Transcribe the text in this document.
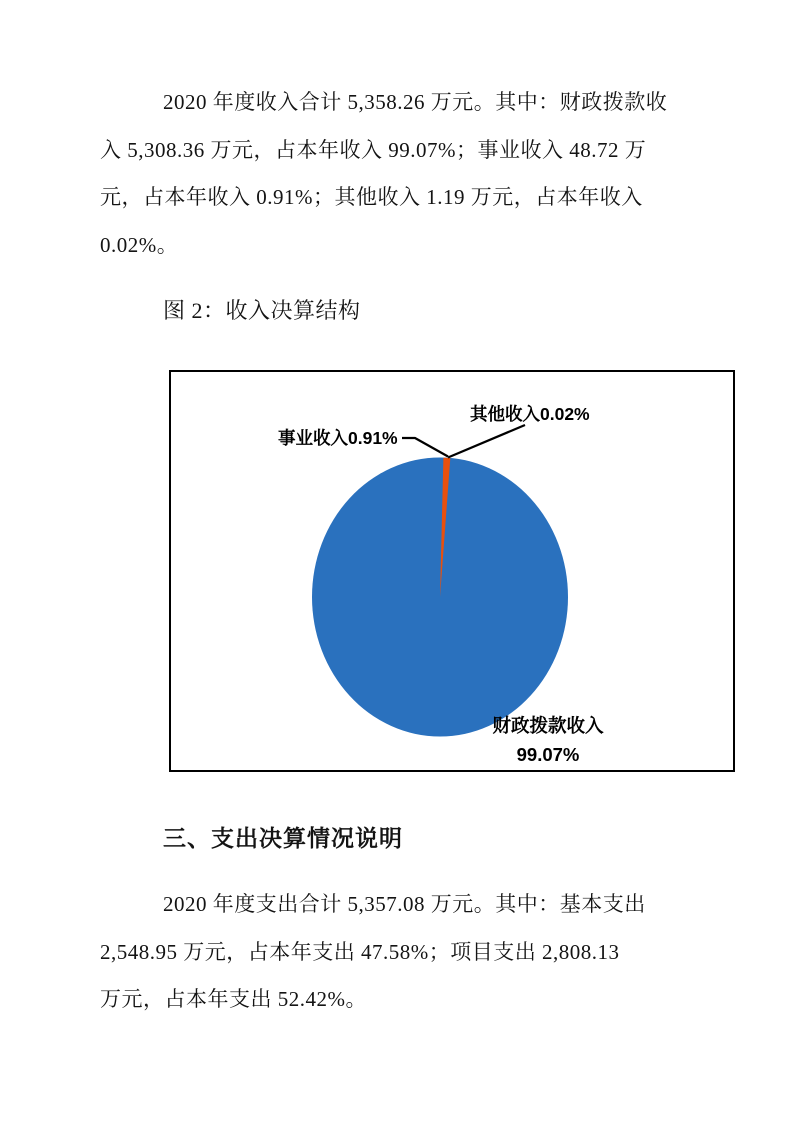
2020 年度收入合计 5,358.26 万元。其中：财政拨款收
入 5,308.36 万元，占本年收入 99.07%；事业收入 48.72 万
元，占本年收入 0.91%；其他收入 1.19 万元，占本年收入
0.02%。
图 2：收入决算结构
其他收入0.02%
事业收入0.91%
财政拨款收入
99.07%
三、支出决算情况说明
2020 年度支出合计 5,357.08 万元。其中：基本支出
2,548.95 万元，占本年支出 47.58%；项目支出 2,808.13
万元，占本年支出 52.42%。
